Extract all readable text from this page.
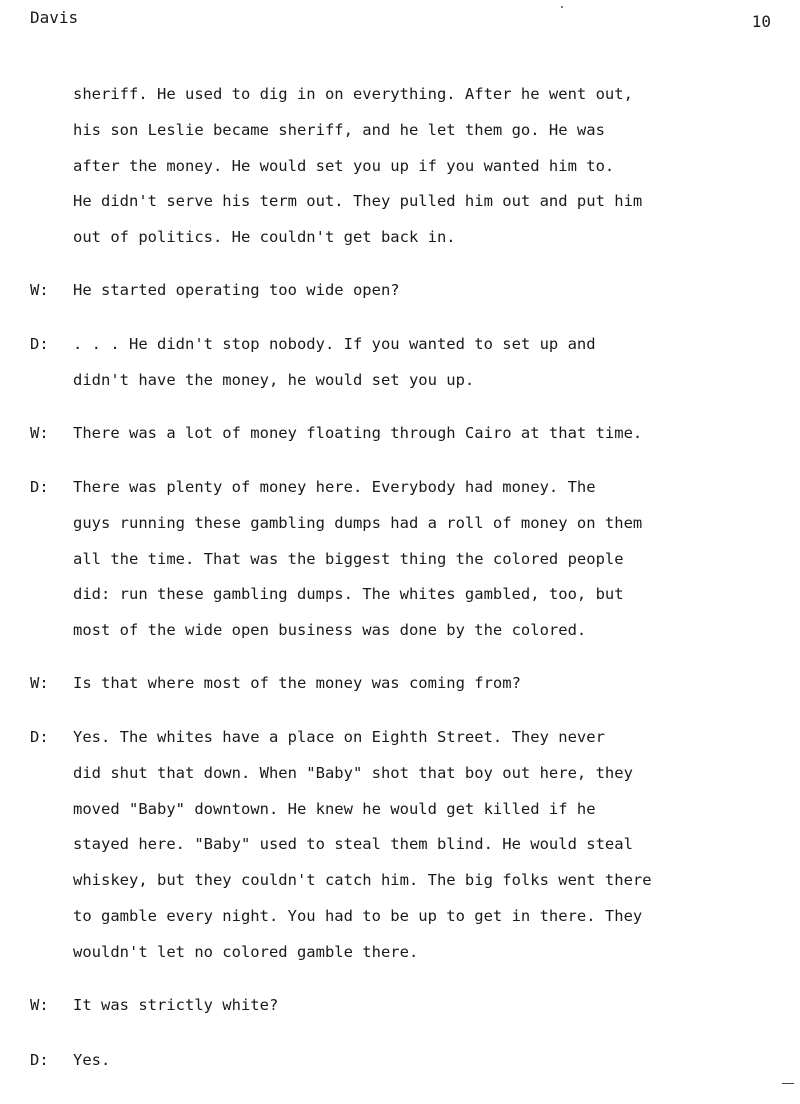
Davis	10
sheriff. He used to dig in on everything. After he went out,
his son Leslie became sheriff, and he let them go. He was
after the money. He would set you up if you wanted him to.
He didn't serve his term out. They pulled him out and put him
out of politics. He couldn't get back in.
W: He started operating too wide open?
D: . . . He didn't stop nobody. If you wanted to set up and
didn't have the money, he would set you up.
W: There was a lot of money floating through Cairo at that time.
D: There was plenty of money here. Everybody had money. The
guys running these gambling dumps had a roll of money on them
all the time. That was the biggest thing the colored people
did: run these gambling dumps. The whites gambled, too, but
most of the wide open business was done by the colored.
W: Is that where most of the money was coming from?
D: Yes. The whites have a place on Eighth Street. They never
did shut that down. When "Baby" shot that boy out here, they
moved "Baby" downtown. He knew he would get killed if he
stayed here. "Baby" used to steal them blind. He would steal
whiskey, but they couldn't catch him. The big folks went there
to gamble every night. You had to be up to get in there. They
wouldn't let no colored gamble there.
W: It was strictly white?
D: Yes.
